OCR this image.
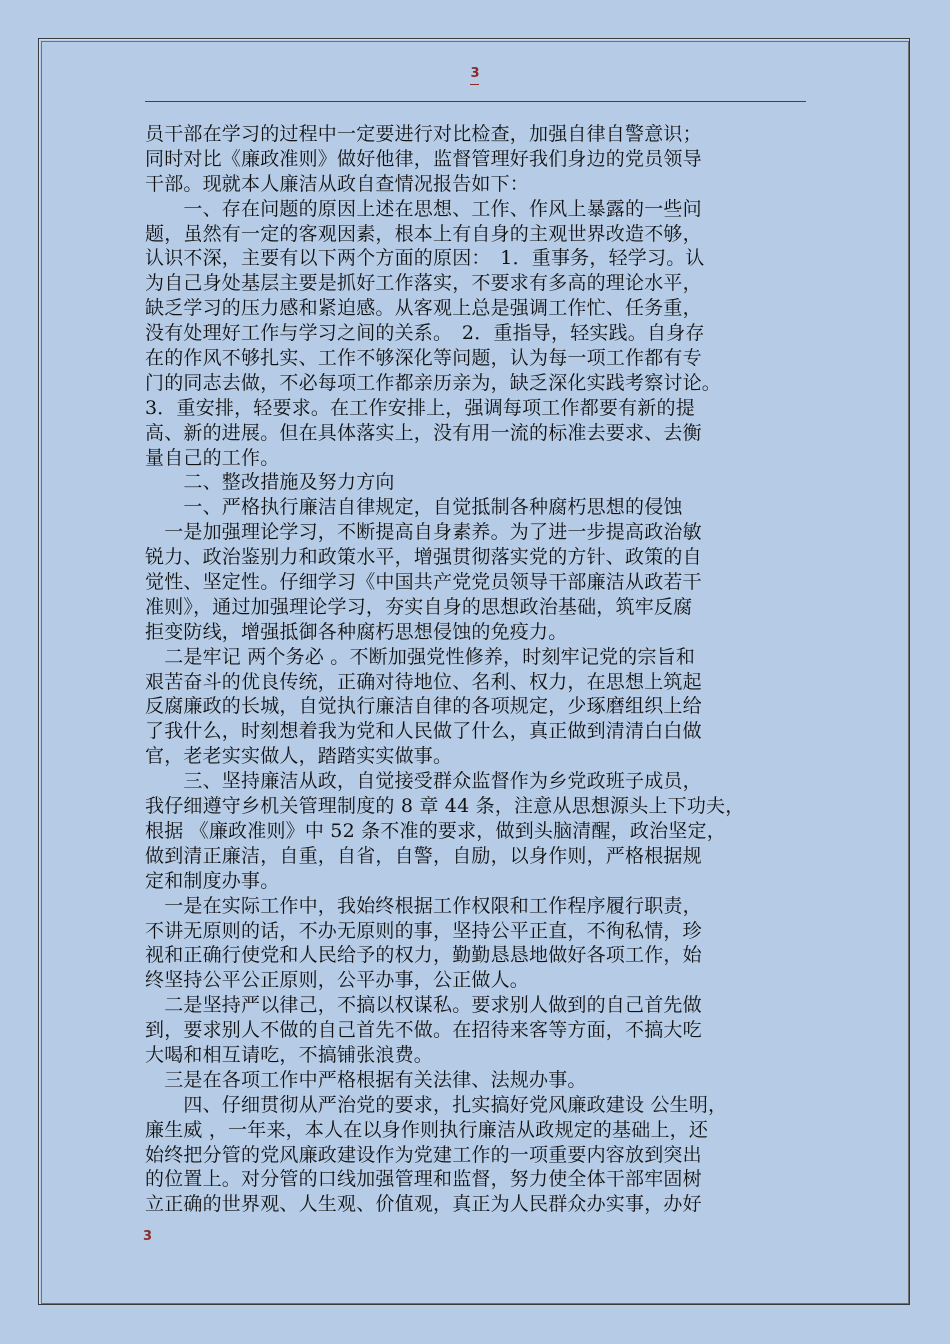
3
员干部在学习的过程中一定要进行对比检查，加强自律自警意识；
同时对比《廉政准则》做好他律，监督管理好我们身边的党员领导
干部。现就本人廉洁从政自查情况报告如下：
　　一、存在问题的原因上述在思想、工作、作风上暴露的一些问
题，虽然有一定的客观因素，根本上有自身的主观世界改造不够，
认识不深，主要有以下两个方面的原因：　1．重事务，轻学习。认
为自己身处基层主要是抓好工作落实，不要求有多高的理论水平，
缺乏学习的压力感和紧迫感。从客观上总是强调工作忙、任务重，
没有处理好工作与学习之间的关系。　2．重指导，轻实践。自身存
在的作风不够扎实、工作不够深化等问题，认为每一项工作都有专
门的同志去做，不必每项工作都亲历亲为，缺乏深化实践考察讨论。
3．重安排，轻要求。在工作安排上，强调每项工作都要有新的提
高、新的进展。但在具体落实上，没有用一流的标准去要求、去衡
量自己的工作。
　　二、整改措施及努力方向
　　一、严格执行廉洁自律规定，自觉抵制各种腐朽思想的侵蚀
　一是加强理论学习，不断提高自身素养。为了进一步提高政治敏
锐力、政治鉴别力和政策水平，增强贯彻落实党的方针、政策的自
觉性、坚定性。仔细学习《中国共产党党员领导干部廉洁从政若干
准则》，通过加强理论学习，夯实自身的思想政治基础，筑牢反腐
拒变防线，增强抵御各种腐朽思想侵蚀的免疫力。
　二是牢记 两个务必 。不断加强党性修养，时刻牢记党的宗旨和
艰苦奋斗的优良传统，正确对待地位、名利、权力，在思想上筑起
反腐廉政的长城，自觉执行廉洁自律的各项规定，少琢磨组织上给
了我什么，时刻想着我为党和人民做了什么，真正做到清清白白做
官，老老实实做人，踏踏实实做事。
　　三、坚持廉洁从政，自觉接受群众监督作为乡党政班子成员，
我仔细遵守乡机关管理制度的 8 章 44 条，注意从思想源头上下功夫，
根据 《廉政准则》中 52 条不准的要求，做到头脑清醒，政治坚定，
做到清正廉洁，自重，自省，自警，自励，以身作则，严格根据规
定和制度办事。
　一是在实际工作中，我始终根据工作权限和工作程序履行职责，
不讲无原则的话，不办无原则的事，坚持公平正直，不徇私情，珍
视和正确行使党和人民给予的权力，勤勤恳恳地做好各项工作，始
终坚持公平公正原则，公平办事，公正做人。
　二是坚持严以律己，不搞以权谋私。要求别人做到的自己首先做
到，要求别人不做的自己首先不做。在招待来客等方面，不搞大吃
大喝和相互请吃，不搞铺张浪费。
　三是在各项工作中严格根据有关法律、法规办事。
　　四、仔细贯彻从严治党的要求，扎实搞好党风廉政建设 公生明，
廉生威 ，一年来，本人在以身作则执行廉洁从政规定的基础上，还
始终把分管的党风廉政建设作为党建工作的一项重要内容放到突出
的位置上。对分管的口线加强管理和监督，努力使全体干部牢固树
立正确的世界观、人生观、价值观，真正为人民群众办实事，办好
3
